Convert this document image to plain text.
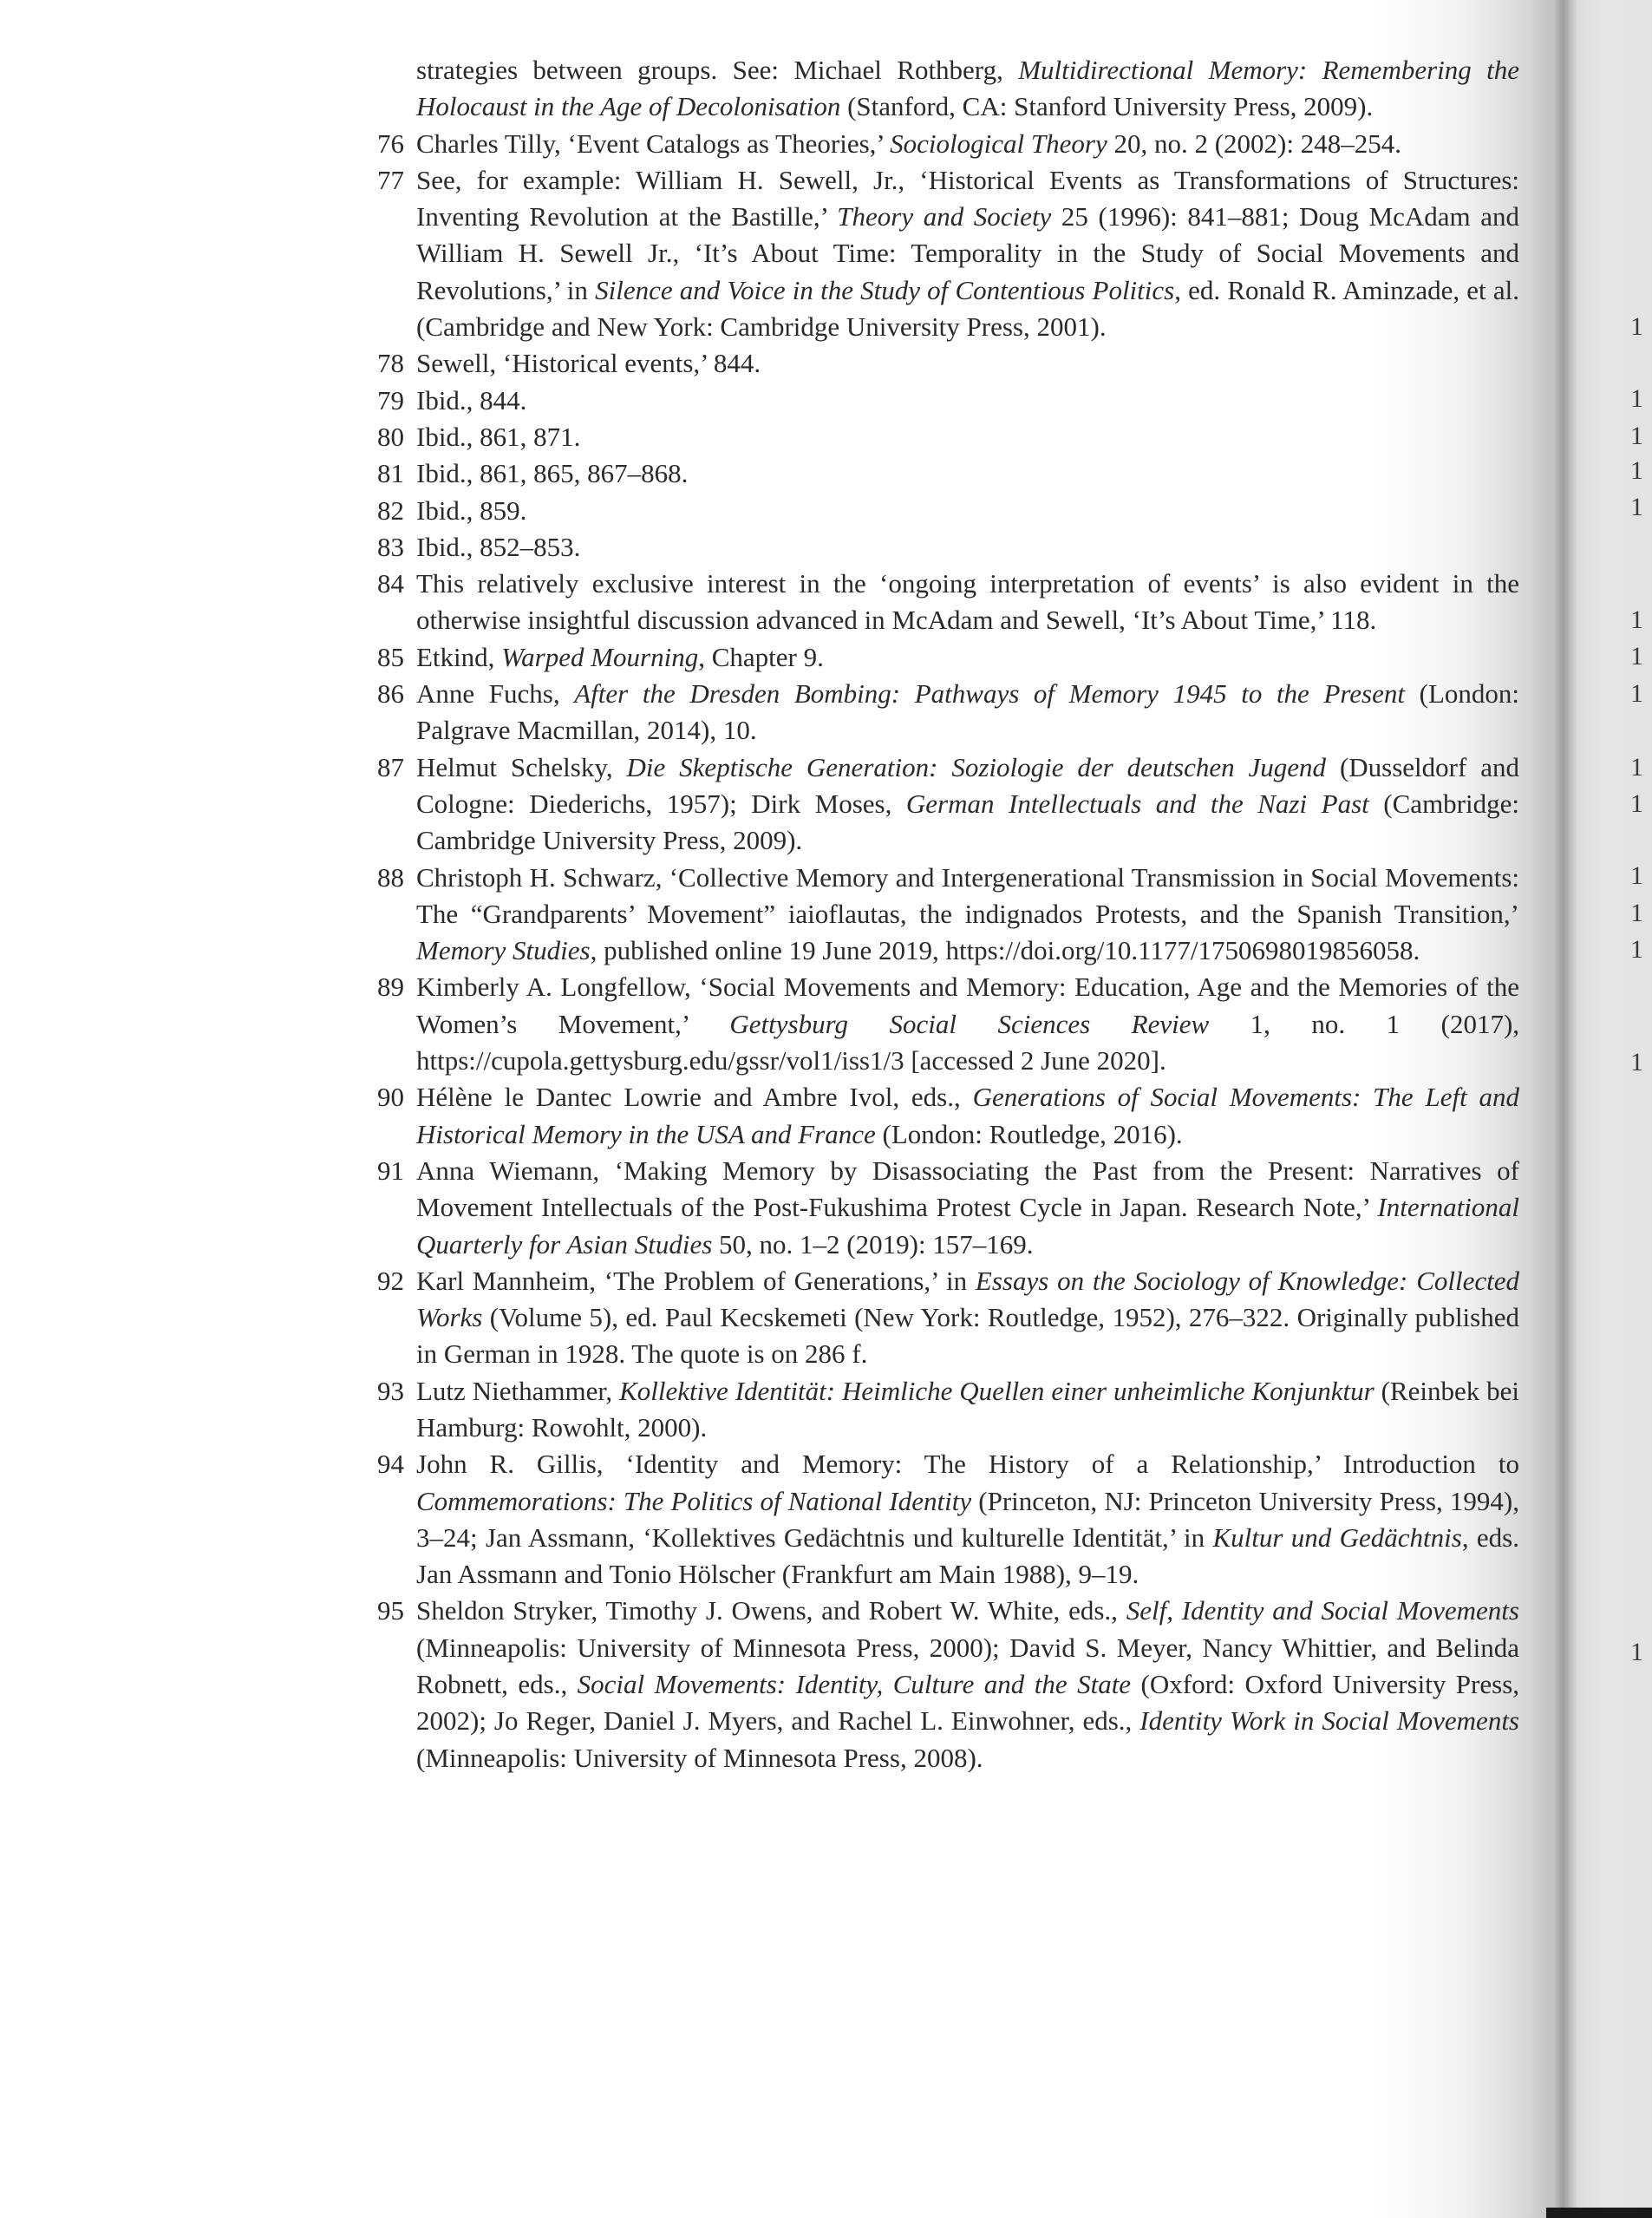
strategies between groups. See: Michael Rothberg, Multidirectional Memory: Remembering the Holocaust in the Age of Decolonisation (Stanford, CA: Stanford University Press, 2009).
76 Charles Tilly, ‘Event Catalogs as Theories,’ Sociological Theory 20, no. 2 (2002): 248–254.
77 See, for example: William H. Sewell, Jr., ‘Historical Events as Transformations of Structures: Inventing Revolution at the Bastille,’ Theory and Society 25 (1996): 841–881; Doug McAdam and William H. Sewell Jr., ‘It’s About Time: Temporality in the Study of Social Movements and Revolutions,’ in Silence and Voice in the Study of Contentious Politics, ed. Ronald R. Aminzade, et al. (Cambridge and New York: Cambridge University Press, 2001).
78 Sewell, ‘Historical events,’ 844.
79 Ibid., 844.
80 Ibid., 861, 871.
81 Ibid., 861, 865, 867–868.
82 Ibid., 859.
83 Ibid., 852–853.
84 This relatively exclusive interest in the ‘ongoing interpretation of events’ is also evident in the otherwise insightful discussion advanced in McAdam and Sewell, ‘It’s About Time,’ 118.
85 Etkind, Warped Mourning, Chapter 9.
86 Anne Fuchs, After the Dresden Bombing: Pathways of Memory 1945 to the Present (London: Palgrave Macmillan, 2014), 10.
87 Helmut Schelsky, Die Skeptische Generation: Soziologie der deutschen Jugend (Dusseldorf and Cologne: Diederichs, 1957); Dirk Moses, German Intellectuals and the Nazi Past (Cambridge: Cambridge University Press, 2009).
88 Christoph H. Schwarz, ‘Collective Memory and Intergenerational Transmission in Social Movements: The “Grandparents’ Movement” iaioflautas, the indignados Protests, and the Spanish Transition,’ Memory Studies, published online 19 June 2019, https://doi.org/10.1177/1750698019856058.
89 Kimberly A. Longfellow, ‘Social Movements and Memory: Education, Age and the Memories of the Women’s Movement,’ Gettysburg Social Sciences Review 1, no. 1 (2017), https://cupola.gettysburg.edu/gssr/vol1/iss1/3 [accessed 2 June 2020].
90 Hélène le Dantec Lowrie and Ambre Ivol, eds., Generations of Social Movements: The Left and Historical Memory in the USA and France (London: Routledge, 2016).
91 Anna Wiemann, ‘Making Memory by Disassociating the Past from the Present: Narratives of Movement Intellectuals of the Post-Fukushima Protest Cycle in Japan. Research Note,’ International Quarterly for Asian Studies 50, no. 1–2 (2019): 157–169.
92 Karl Mannheim, ‘The Problem of Generations,’ in Essays on the Sociology of Knowledge: Collected Works (Volume 5), ed. Paul Kecskemeti (New York: Routledge, 1952), 276–322. Originally published in German in 1928. The quote is on 286 f.
93 Lutz Niethammer, Kollektive Identität: Heimliche Quellen einer unheimliche Konjunktur (Reinbek bei Hamburg: Rowohlt, 2000).
94 John R. Gillis, ‘Identity and Memory: The History of a Relationship,’ Introduction to Commemorations: The Politics of National Identity (Princeton, NJ: Princeton University Press, 1994), 3–24; Jan Assmann, ‘Kollektives Gedächtnis und kulturelle Identität,’ in Kultur und Gedächtnis, eds. Jan Assmann and Tonio Hölscher (Frankfurt am Main 1988), 9–19.
95 Sheldon Stryker, Timothy J. Owens, and Robert W. White, eds., Self, Identity and Social Movements (Minneapolis: University of Minnesota Press, 2000); David S. Meyer, Nancy Whittier, and Belinda Robnett, eds., Social Movements: Identity, Culture and the State (Oxford: Oxford University Press, 2002); Jo Reger, Daniel J. Myers, and Rachel L. Einwohner, eds., Identity Work in Social Movements (Minneapolis: University of Minnesota Press, 2008).
1
1
1
1
1
1
1
1
1
1
1
1
1
1
1
